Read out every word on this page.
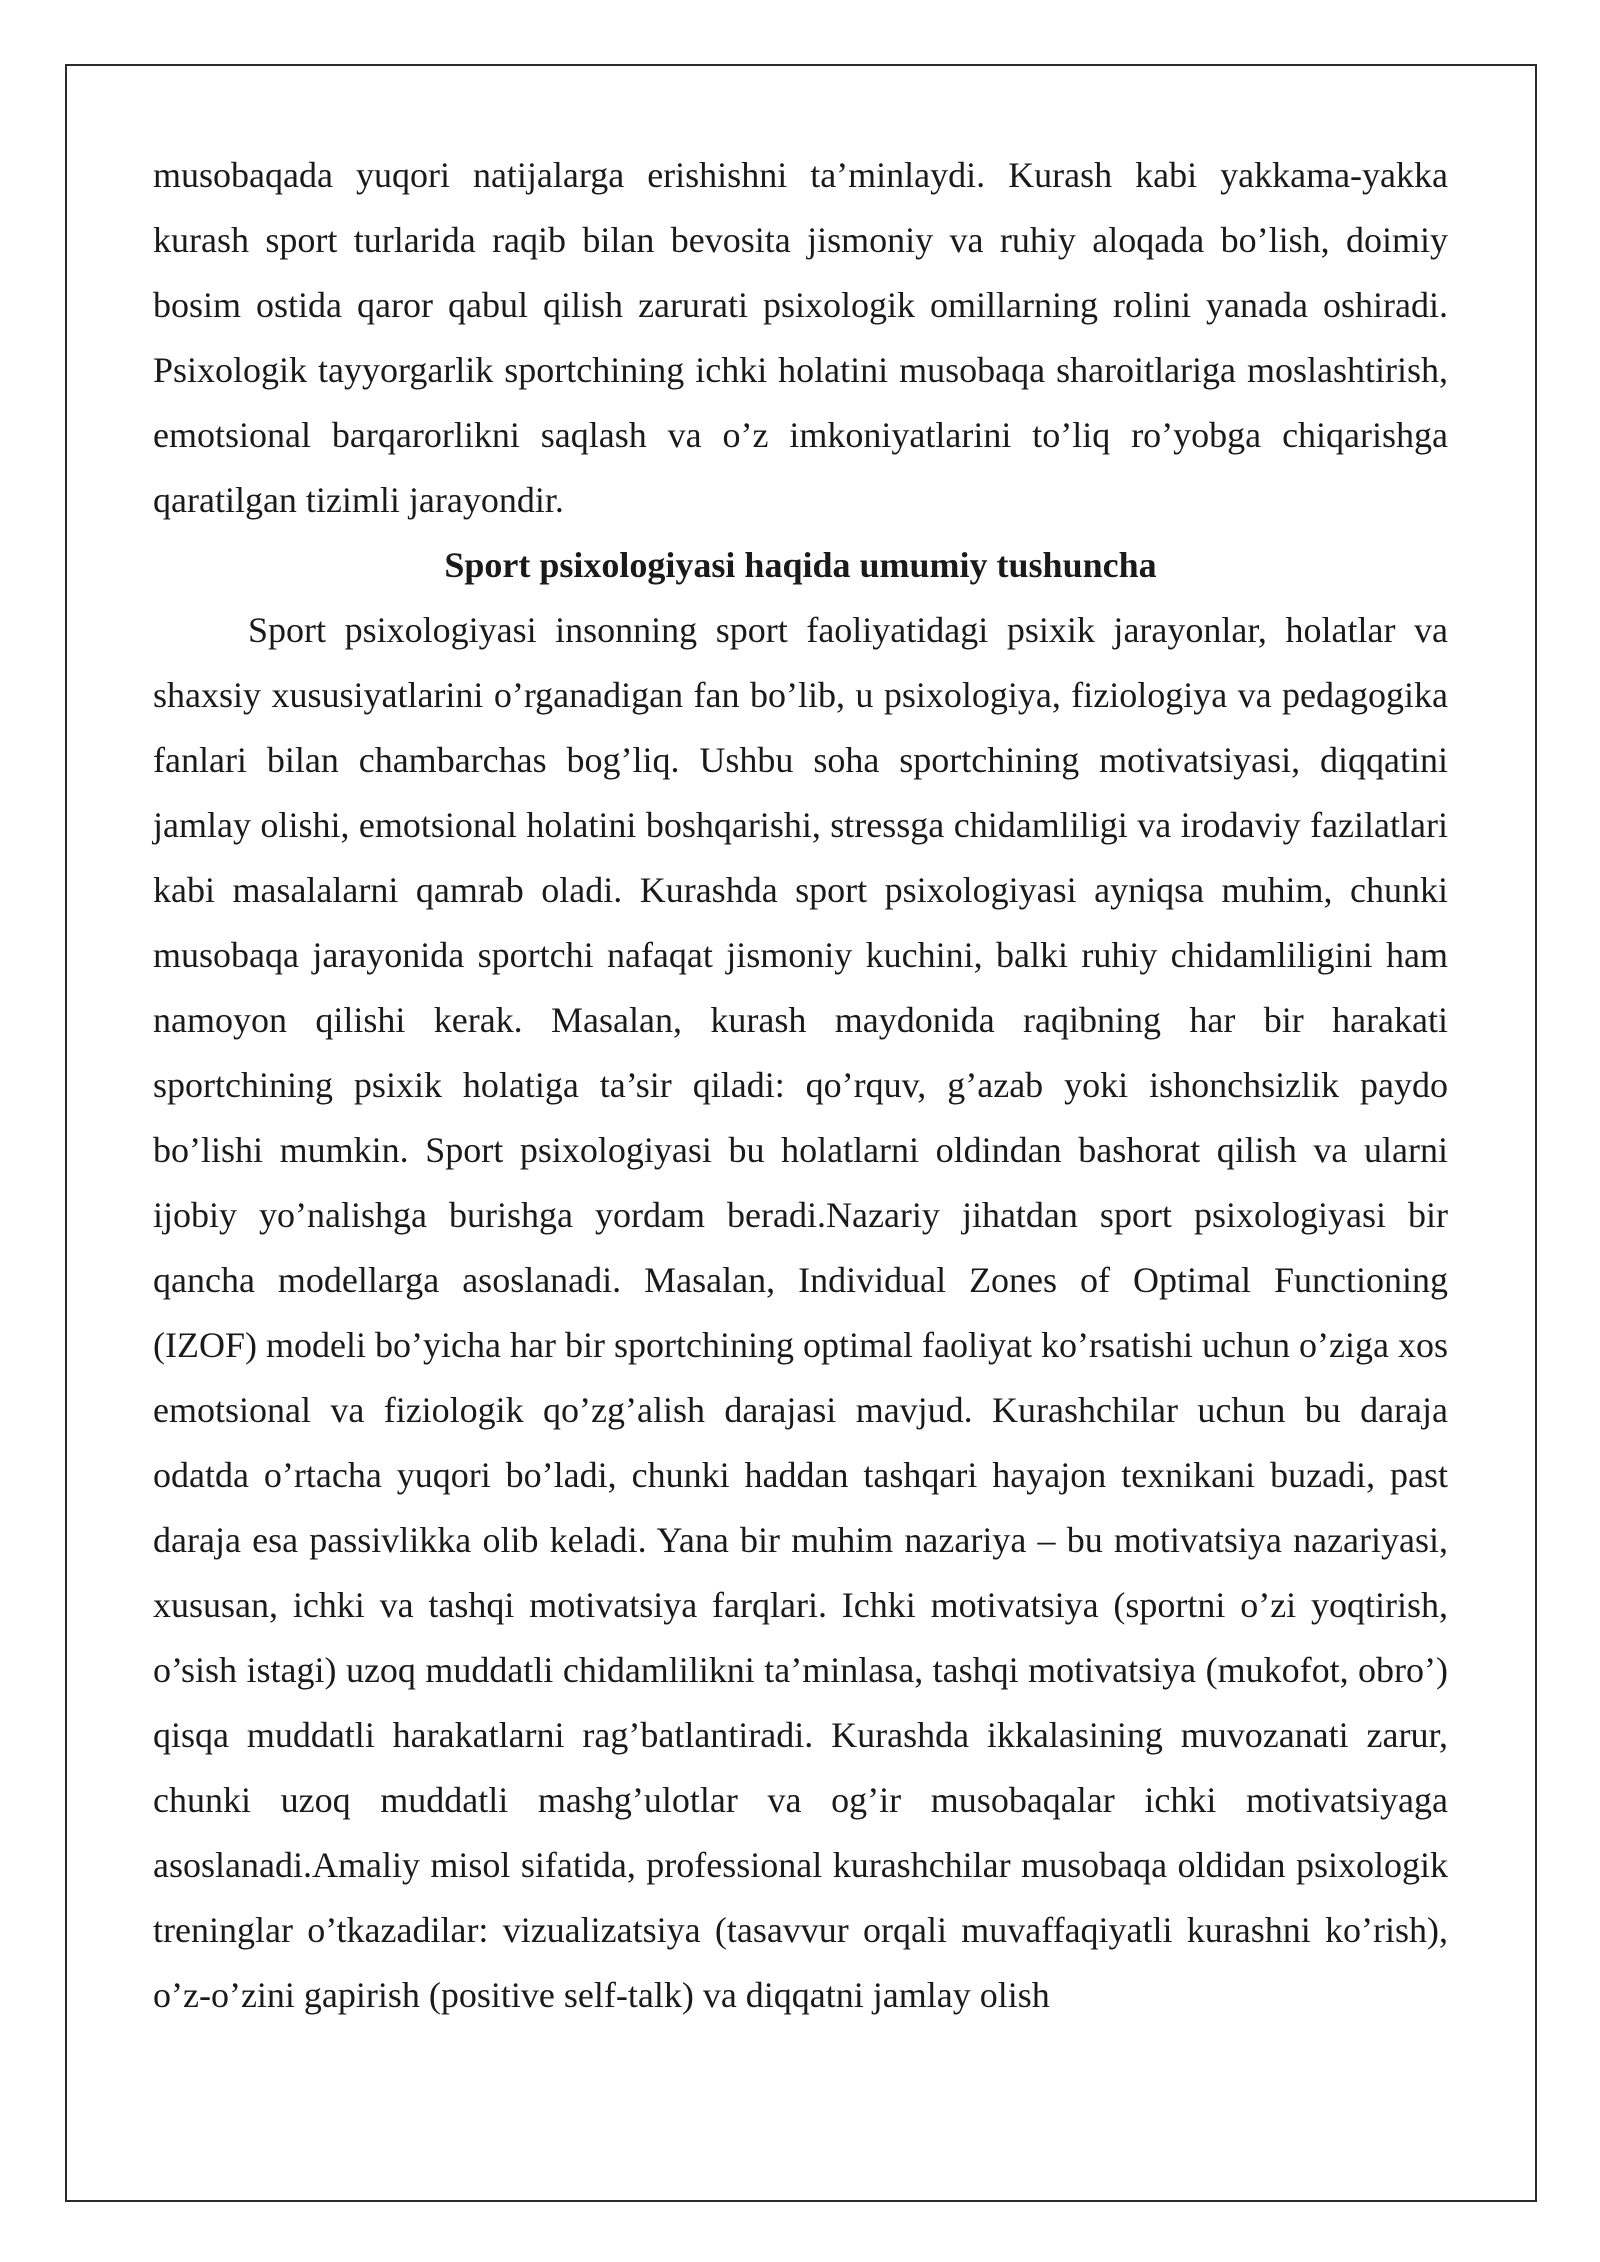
musobaqada yuqori natijalarga erishishni ta’minlaydi. Kurash kabi yakkama-yakka kurash sport turlarida raqib bilan bevosita jismoniy va ruhiy aloqada bo’lish, doimiy bosim ostida qaror qabul qilish zarurati psixologik omillarning rolini yanada oshiradi. Psixologik tayyorgarlik sportchining ichki holatini musobaqa sharoitlariga moslashtirish, emotsional barqarorlikni saqlash va o’z imkoniyatlarini to’liq ro’yobga chiqarishga qaratilgan tizimli jarayondir.

Sport psixologiyasi haqida umumiy tushuncha

Sport psixologiyasi insonning sport faoliyatidagi psixik jarayonlar, holatlar va shaxsiy xususiyatlarini o’rganadigan fan bo’lib, u psixologiya, fiziologiya va pedagogika fanlari bilan chambarchas bog’liq. Ushbu soha sportchining motivatsiyasi, diqqatini jamlay olishi, emotsional holatini boshqarishi, stressga chidamliligi va irodaviy fazilatlari kabi masalalarni qamrab oladi. Kurashda sport psixologiyasi ayniqsa muhim, chunki musobaqa jarayonida sportchi nafaqat jismoniy kuchini, balki ruhiy chidamliligini ham namoyon qilishi kerak. Masalan, kurash maydonida raqibning har bir harakati sportchining psixik holatiga ta’sir qiladi: qo’rquv, g’azab yoki ishonchsizlik paydo bo’lishi mumkin. Sport psixologiyasi bu holatlarni oldindan bashorat qilish va ularni ijobiy yo’nalishga burishga yordam beradi.Nazariy jihatdan sport psixologiyasi bir qancha modellarga asoslanadi. Masalan, Individual Zones of Optimal Functioning (IZOF) modeli bo’yicha har bir sportchining optimal faoliyat ko’rsatishi uchun o’ziga xos emotsional va fiziologik qo’zg’alish darajasi mavjud. Kurashchilar uchun bu daraja odatda o’rtacha yuqori bo’ladi, chunki haddan tashqari hayajon texnikani buzadi, past daraja esa passivlikka olib keladi. Yana bir muhim nazariya – bu motivatsiya nazariyasi, xususan, ichki va tashqi motivatsiya farqlari. Ichki motivatsiya (sportni o’zi yoqtirish, o’sish istagi) uzoq muddatli chidamlilikni ta’minlasa, tashqi motivatsiya (mukofot, obro’) qisqa muddatli harakatlarni rag’batlantiradi. Kurashda ikkalasining muvozanati zarur, chunki uzoq muddatli mashg’ulotlar va og’ir musobaqalar ichki motivatsiyaga asoslanadi.Amaliy misol sifatida, professional kurashchilar musobaqa oldidan psixologik treninglar o’tkazadilar: vizualizatsiya (tasavvur orqali muvaffaqiyatli kurashni ko’rish), o’z-o’zini gapirish (positive self-talk) va diqqatni jamlay olish
